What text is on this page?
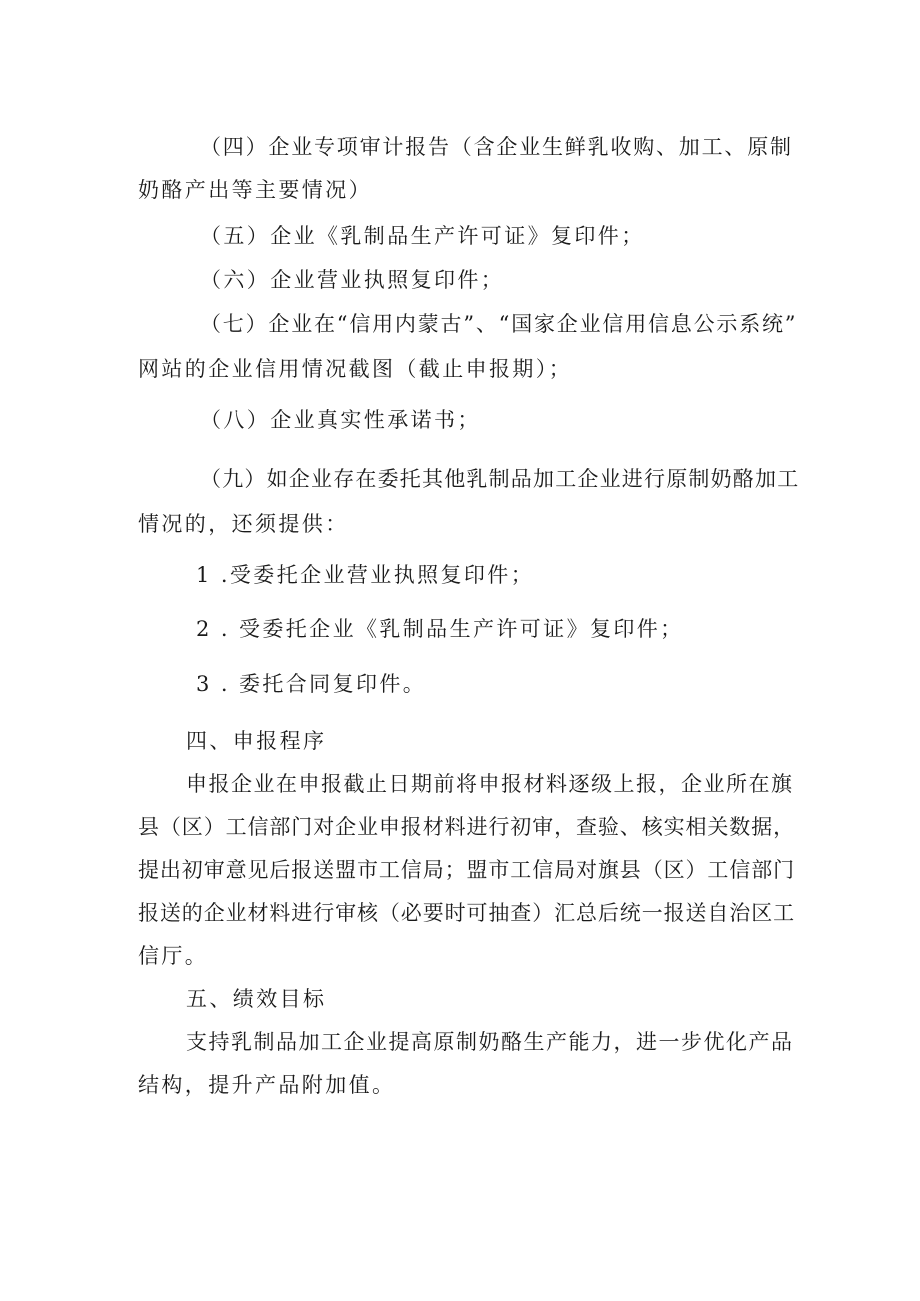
（四）企业专项审计报告（含企业生鲜乳收购、加工、原制
奶酪产出等主要情况）
（五）企业《乳制品生产许可证》复印件；
（六）企业营业执照复印件；
（七）企业在“信用内蒙古”、“国家企业信用信息公示系统”
网站的企业信用情况截图（截止申报期）；
（八）企业真实性承诺书；
（九）如企业存在委托其他乳制品加工企业进行原制奶酪加工
情况的，还须提供：
1 .受委托企业营业执照复印件；
2 . 受委托企业《乳制品生产许可证》复印件；
3 . 委托合同复印件。
四、申报程序
申报企业在申报截止日期前将申报材料逐级上报，企业所在旗
县（区）工信部门对企业申报材料进行初审，查验、核实相关数据，
提出初审意见后报送盟市工信局；盟市工信局对旗县（区）工信部门
报送的企业材料进行审核（必要时可抽查）汇总后统一报送自治区工
信厅。
五、绩效目标
支持乳制品加工企业提高原制奶酪生产能力，进一步优化产品
结构，提升产品附加值。
